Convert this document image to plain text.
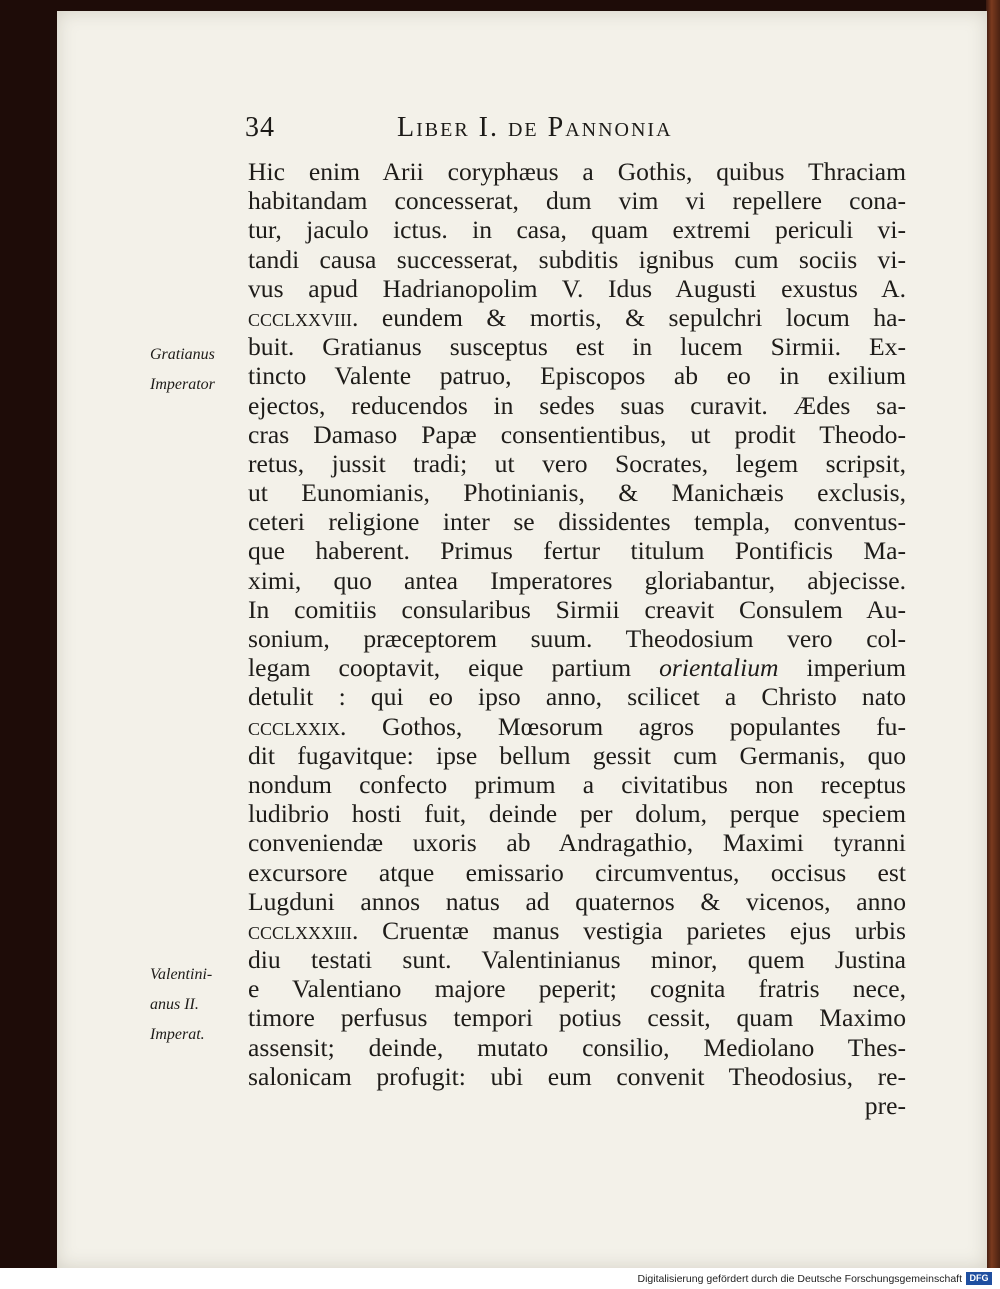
34	Liber I. de Pannonia
Gratianus
Imperator
Valentini-
anus II.
Imperat.
Hic enim Arii coryphæus a Gothis, quibus Thraciam
habitandam concesserat, dum vim vi repellere cona-
tur, jaculo ictus. in casa, quam extremi periculi vi-
tandi causa successerat, subditis ignibus cum sociis vi-
vus apud Hadrianopolim V. Idus Augusti exustus A.
ccclxxviii. eundem & mortis, & sepulchri locum ha-
buit. Gratianus susceptus est in lucem Sirmii. Ex-
tincto Valente patruo, Episcopos ab eo in exilium
ejectos, reducendos in sedes suas curavit. Ædes sa-
cras Damaso Papæ consentientibus, ut prodit Theodo-
retus, jussit tradi; ut vero Socrates, legem scripsit,
ut Eunomianis, Photinianis, & Manichæis exclusis,
ceteri religione inter se dissidentes templa, conventus-
que haberent. Primus fertur titulum Pontificis Ma-
ximi, quo antea Imperatores gloriabantur, abjecisse.
In comitiis consularibus Sirmii creavit Consulem Au-
sonium, præceptorem suum. Theodosium vero col-
legam cooptavit, eique partium orientalium imperium
detulit : qui eo ipso anno, scilicet a Christo nato
ccclxxix. Gothos, Mœsorum agros populantes fu-
dit fugavitque: ipse bellum gessit cum Germanis, quo
nondum confecto primum a civitatibus non receptus
ludibrio hosti fuit, deinde per dolum, perque speciem
conveniendæ uxoris ab Andragathio, Maximi tyranni
excursore atque emissario circumventus, occisus est
Lugduni annos natus ad quaternos & vicenos, anno
ccclxxxiii. Cruentæ manus vestigia parietes ejus urbis
diu testati sunt. Valentinianus minor, quem Justina
e Valentiano majore peperit; cognita fratris nece,
timore perfusus tempori potius cessit, quam Maximo
assensit; deinde, mutato consilio, Mediolano Thes-
salonicam profugit: ubi eum convenit Theodosius, re-
pre-
Digitalisierung gefördert durch die Deutsche Forschungsgemeinschaft DFG
